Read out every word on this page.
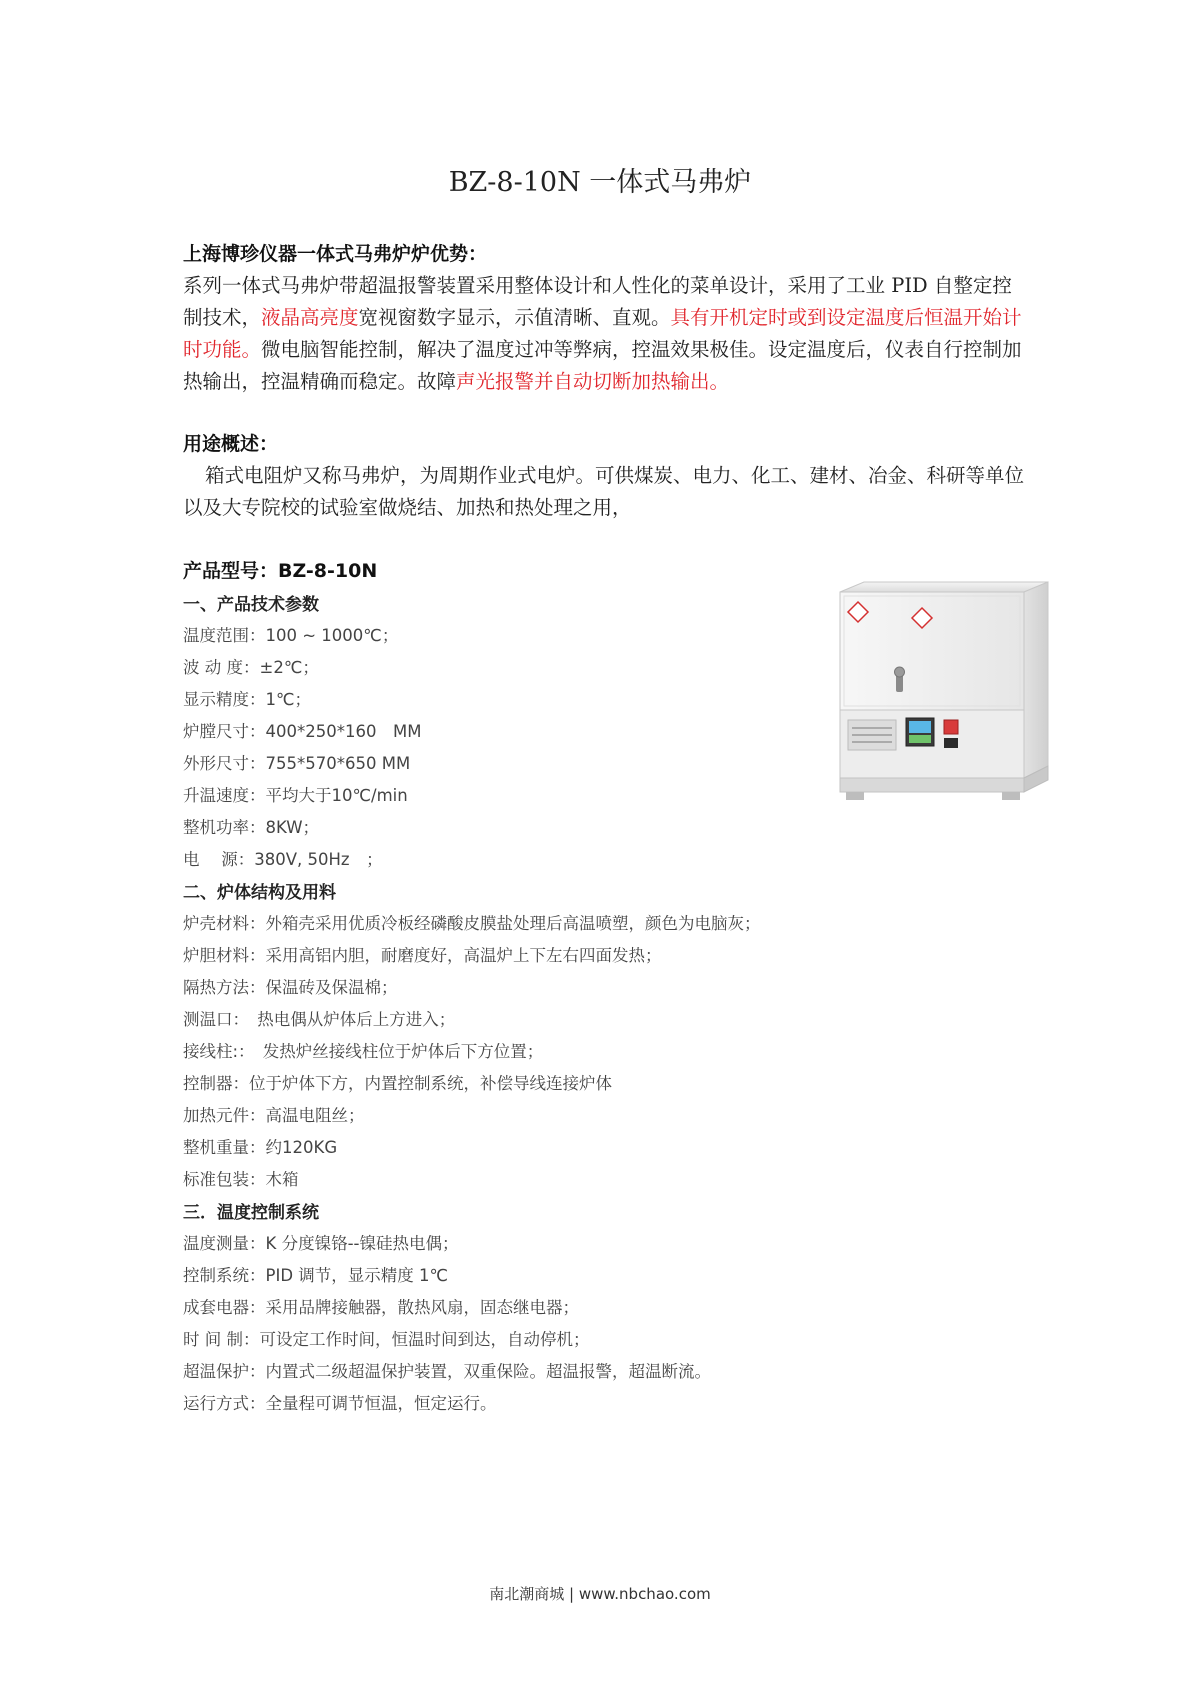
BZ-8-10N 一体式马弗炉
上海博珍仪器一体式马弗炉炉优势：
系列一体式马弗炉带超温报警装置采用整体设计和人性化的菜单设计，采用了工业 PID 自整定控制技术，液晶高亮度宽视窗数字显示，示值清晰、直观。具有开机定时或到设定温度后恒温开始计时功能。微电脑智能控制，解决了温度过冲等弊病，控温效果极佳。设定温度后，仪表自行控制加热输出，控温精确而稳定。故障声光报警并自动切断加热输出。
用途概述：
箱式电阻炉又称马弗炉，为周期作业式电炉。可供煤炭、电力、化工、建材、冶金、科研等单位以及大专院校的试验室做烧结、加热和热处理之用，
产品型号：BZ-8-10N
一、产品技术参数
温度范围：100 ~ 1000℃；
波 动 度：±2℃；
显示精度：1℃；
炉膛尺寸：400*250*160　MM
外形尺寸：755*570*650 MM
升温速度：平均大于10℃/min
整机功率：8KW；
电　 源：380V, 50Hz　；
二、炉体结构及用料
炉壳材料：外箱壳采用优质冷板经磷酸皮膜盐处理后高温喷塑，颜色为电脑灰；
炉胆材料：采用高铝内胆，耐磨度好，高温炉上下左右四面发热；
隔热方法：保温砖及保温棉；
测温口：　热电偶从炉体后上方进入；
接线柱:：　发热炉丝接线柱位于炉体后下方位置；
控制器：位于炉体下方，内置控制系统，补偿导线连接炉体
加热元件：高温电阻丝；
整机重量：约120KG
标准包装：木箱
三．温度控制系统
温度测量：K 分度镍铬--镍硅热电偶；
控制系统：PID 调节，显示精度 1℃
成套电器：采用品牌接触器，散热风扇，固态继电器；
时 间 制：可设定工作时间，恒温时间到达，自动停机；
超温保护：内置式二级超温保护装置，双重保险。超温报警，超温断流。
运行方式：全量程可调节恒温，恒定运行。
南北潮商城 | www.nbchao.com
